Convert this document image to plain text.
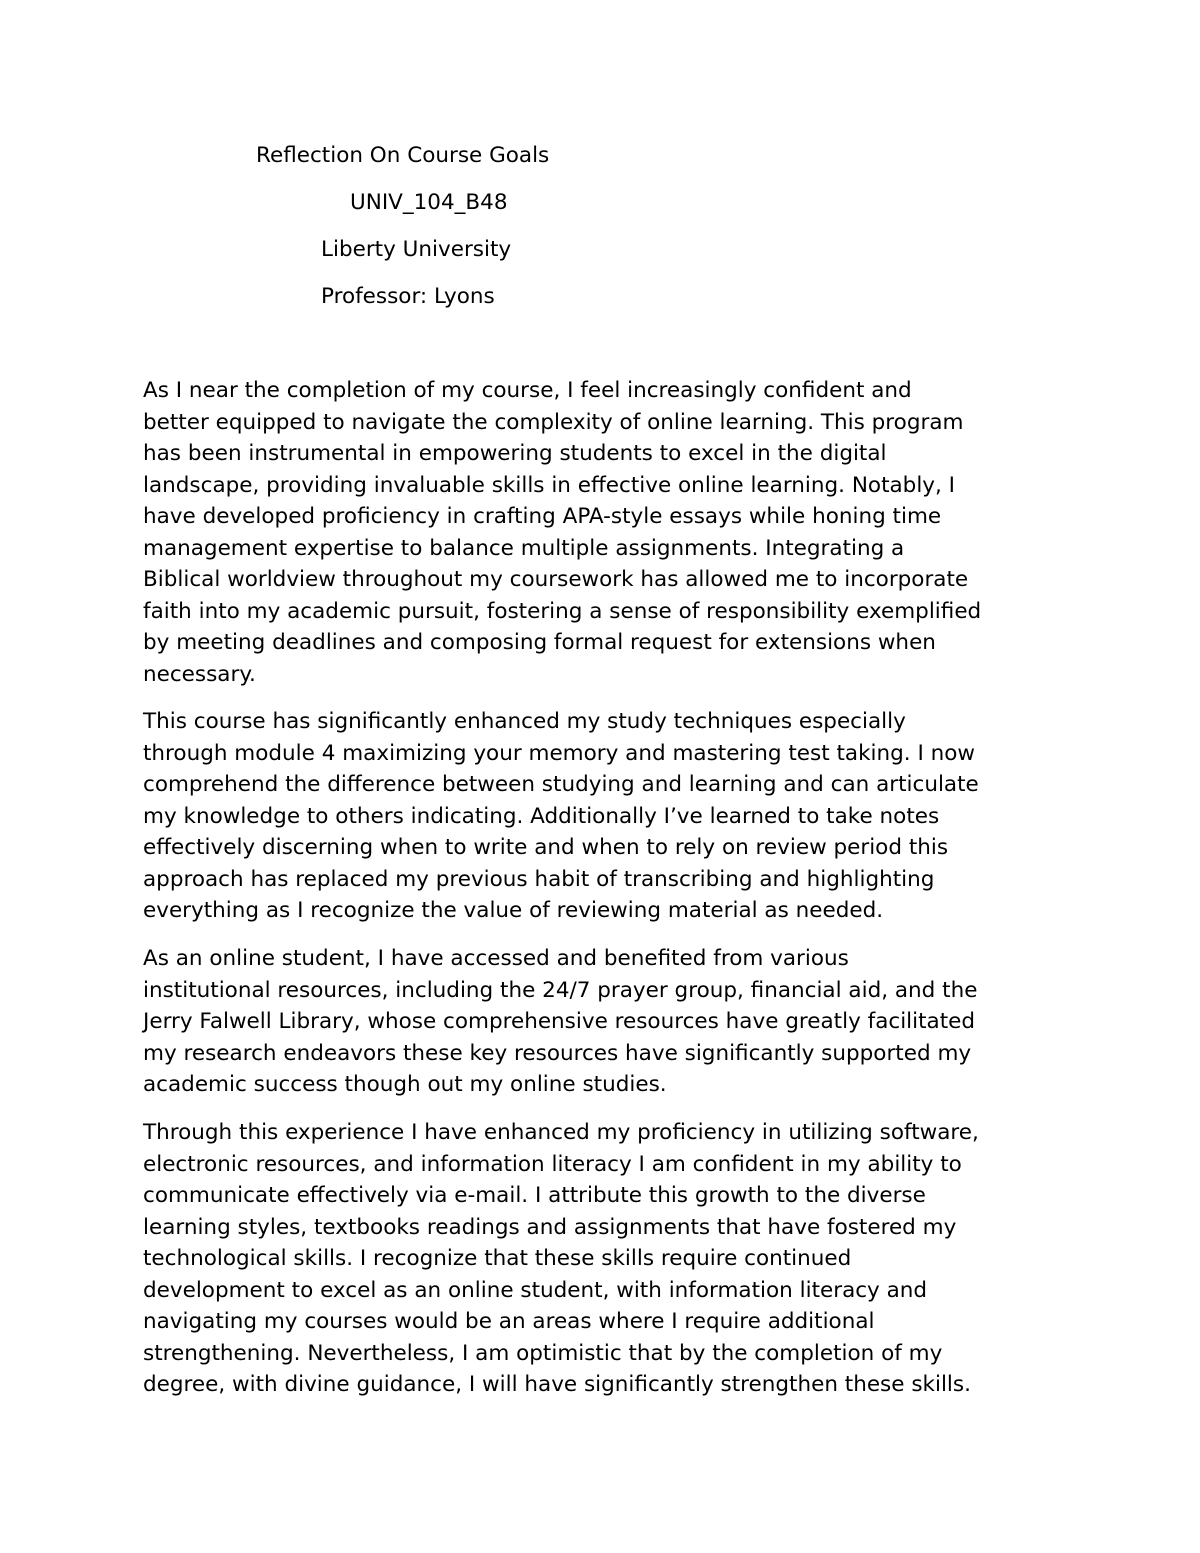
Reflection On Course Goals
UNIV_104_B48
Liberty University
Professor: Lyons
As I near the completion of my course, I feel increasingly confident and
better equipped to navigate the complexity of online learning. This program
has been instrumental in empowering students to excel in the digital
landscape, providing invaluable skills in effective online learning. Notably, I
have developed proficiency in crafting APA-style essays while honing time
management expertise to balance multiple assignments. Integrating a
Biblical worldview throughout my coursework has allowed me to incorporate
faith into my academic pursuit, fostering a sense of responsibility exemplified
by meeting deadlines and composing formal request for extensions when
necessary.
This course has significantly enhanced my study techniques especially
through module 4 maximizing your memory and mastering test taking. I now
comprehend the difference between studying and learning and can articulate
my knowledge to others indicating. Additionally I’ve learned to take notes
effectively discerning when to write and when to rely on review period this
approach has replaced my previous habit of transcribing and highlighting
everything as I recognize the value of reviewing material as needed.
As an online student, I have accessed and benefited from various
institutional resources, including the 24/7 prayer group, financial aid, and the
Jerry Falwell Library, whose comprehensive resources have greatly facilitated
my research endeavors these key resources have significantly supported my
academic success though out my online studies.
Through this experience I have enhanced my proficiency in utilizing software,
electronic resources, and information literacy I am confident in my ability to
communicate effectively via e-mail. I attribute this growth to the diverse
learning styles, textbooks readings and assignments that have fostered my
technological skills. I recognize that these skills require continued
development to excel as an online student, with information literacy and
navigating my courses would be an areas where I require additional
strengthening. Nevertheless, I am optimistic that by the completion of my
degree, with divine guidance, I will have significantly strengthen these skills.
